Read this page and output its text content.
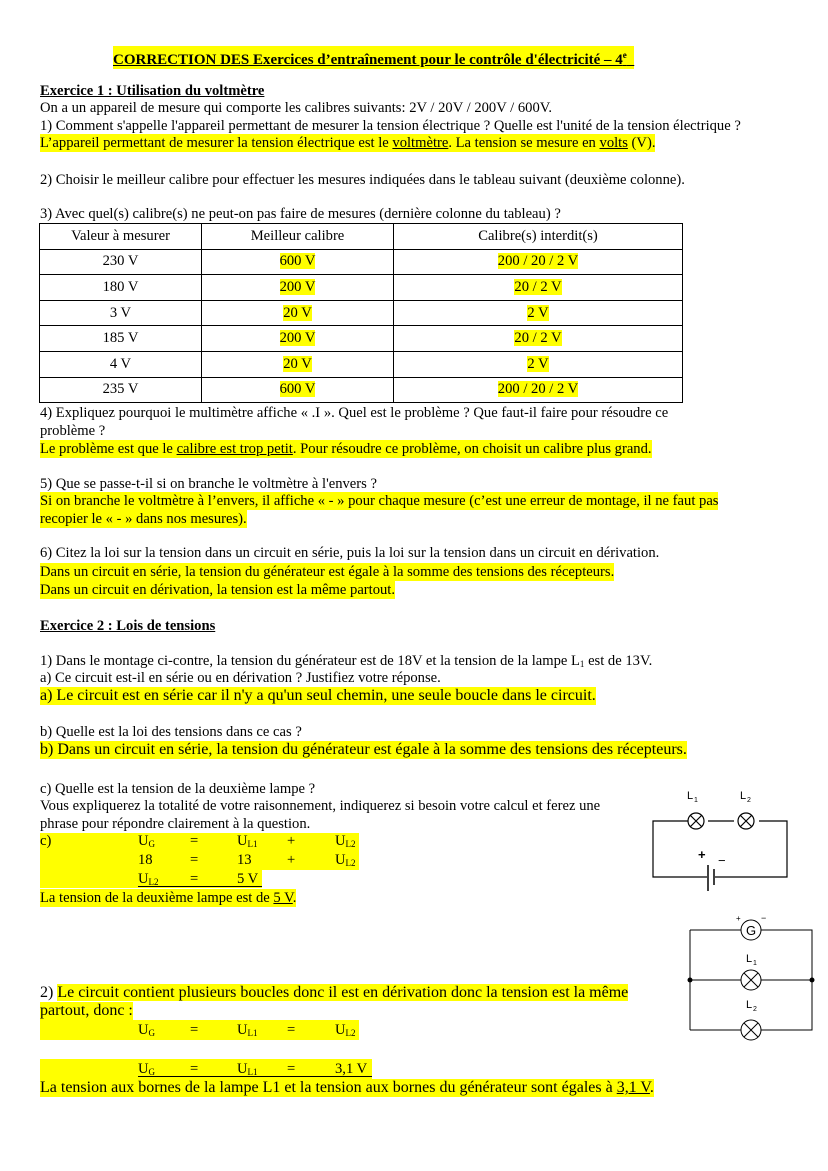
CORRECTION DES Exercices d’entraînement pour le contrôle d'électricité – 4e
Exercice 1 : Utilisation du voltmètre
On a un appareil de mesure qui comporte les calibres suivants: 2V / 20V / 200V / 600V.
1) Comment s'appelle l'appareil permettant de mesurer la tension électrique ? Quelle est l'unité de la tension électrique ?
L’appareil permettant de mesurer la tension électrique est le voltmètre. La tension se mesure en volts (V).
2) Choisir le meilleur calibre pour effectuer les mesures indiquées dans le tableau suivant (deuxième colonne).
3) Avec quel(s) calibre(s) ne peut-on pas faire de mesures (dernière colonne du tableau) ?
Valeur à mesurer	Meilleur calibre	Calibre(s) interdit(s)
230 V	600 V	200 / 20 / 2 V
180 V	200 V	20 / 2 V
3 V	20 V	2 V
185 V	200 V	20 / 2 V
4 V	20 V	2 V
235 V	600 V	200 / 20 / 2 V
4) Expliquez pourquoi le multimètre affiche « .I ». Quel est le problème ? Que faut-il faire pour résoudre ce
problème ?
Le problème est que le calibre est trop petit. Pour résoudre ce problème, on choisit un calibre plus grand.
5) Que se passe-t-il si on branche le voltmètre à l'envers ?
Si on branche le voltmètre à l’envers, il affiche « - » pour chaque mesure (c’est une erreur de montage, il ne faut pas
recopier le « - » dans nos mesures).
6) Citez la loi sur la tension dans un circuit en série, puis la loi sur la tension dans un circuit en dérivation.
Dans un circuit en série, la tension du générateur est égale à la somme des tensions des récepteurs.
Dans un circuit en dérivation, la tension est la même partout.
Exercice 2 : Lois de tensions
1) Dans le montage ci-contre, la tension du générateur est de 18V et la tension de la lampe $L_1$ est de 13V.
a) Ce circuit est-il en série ou en dérivation ? Justifiez votre réponse.
a) Le circuit est en série car il n'y a qu'un seul chemin, une seule boucle dans le circuit.
b) Quelle est la loi des tensions dans ce cas ?
b) Dans un circuit en série, la tension du générateur est égale à la somme des tensions des récepteurs.
c) Quelle est la tension de la deuxième lampe ?
Vous expliquerez la totalité de votre raisonnement, indiquerez si besoin votre calcul et ferez une
phrase pour répondre clairement à la question.
c)	$U_G$ =	$U_{L1}$ +	$U_{L2}$
18	=	13 +	$U_{L2}$
$U_{L2}$ =	5 V
La tension de la deuxième lampe est de 5 V.
2) Le circuit contient plusieurs boucles donc il est en dérivation donc la tension est la même
partout, donc :
$U_G$ =	$U_{L1}$ =	$U_{L2}$
$U_G$ =	$U_{L1}$ =	3,1 V
La tension aux bornes de la lampe L1 et la tension aux bornes du générateur sont égales à 3,1 V.
L 1	L 2
+ −
G
+ −
L 1
L 2
